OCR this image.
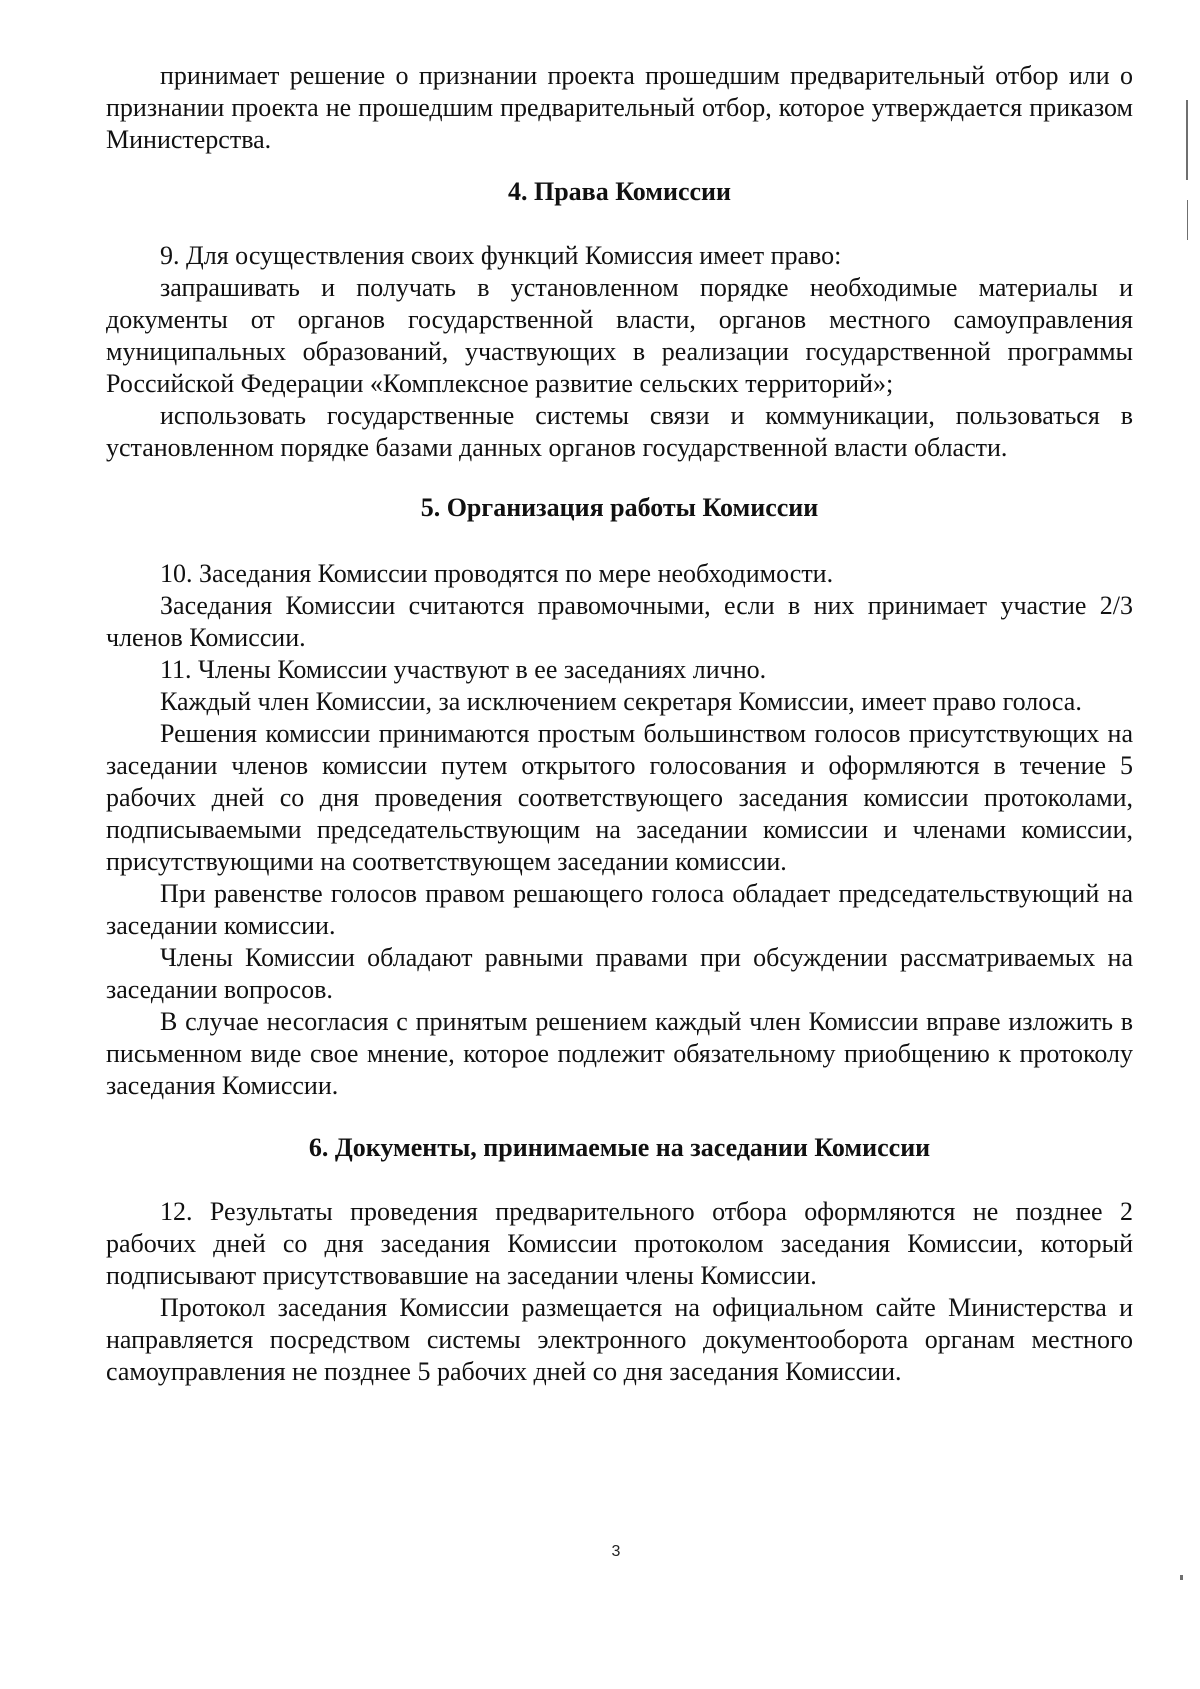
принимает решение о признании проекта прошедшим предварительный отбор или о признании проекта не прошедшим предварительный отбор, которое утверждается приказом Министерства.

4. Права Комиссии

9. Для осуществления своих функций Комиссия имеет право:

запрашивать и получать в установленном порядке необходимые материалы и документы от органов государственной власти, органов местного самоуправления муниципальных образований, участвующих в реализации государственной программы Российской Федерации «Комплексное развитие сельских территорий»;

использовать государственные системы связи и коммуникации, пользоваться в установленном порядке базами данных органов государственной власти области.

5. Организация работы Комиссии

10. Заседания Комиссии проводятся по мере необходимости.

Заседания Комиссии считаются правомочными, если в них принимает участие 2/3 членов Комиссии.

11. Члены Комиссии участвуют в ее заседаниях лично.

Каждый член Комиссии, за исключением секретаря Комиссии, имеет право голоса.

Решения комиссии принимаются простым большинством голосов присутствующих на заседании членов комиссии путем открытого голосования и оформляются в течение 5 рабочих дней со дня проведения соответствующего заседания комиссии протоколами, подписываемыми председательствующим на заседании комиссии и членами комиссии, присутствующими на соответствующем заседании комиссии.

При равенстве голосов правом решающего голоса обладает председательствующий на заседании комиссии.

Члены Комиссии обладают равными правами при обсуждении рассматриваемых на заседании вопросов.

В случае несогласия с принятым решением каждый член Комиссии вправе изложить в письменном виде свое мнение, которое подлежит обязательному приобщению к протоколу заседания Комиссии.

6. Документы, принимаемые на заседании Комиссии

12. Результаты проведения предварительного отбора оформляются не позднее 2 рабочих дней со дня заседания Комиссии протоколом заседания Комиссии, который подписывают присутствовавшие на заседании члены Комиссии.

Протокол заседания Комиссии размещается на официальном сайте Министерства и направляется посредством системы электронного документооборота органам местного самоуправления не позднее 5 рабочих дней со дня заседания Комиссии.

3
